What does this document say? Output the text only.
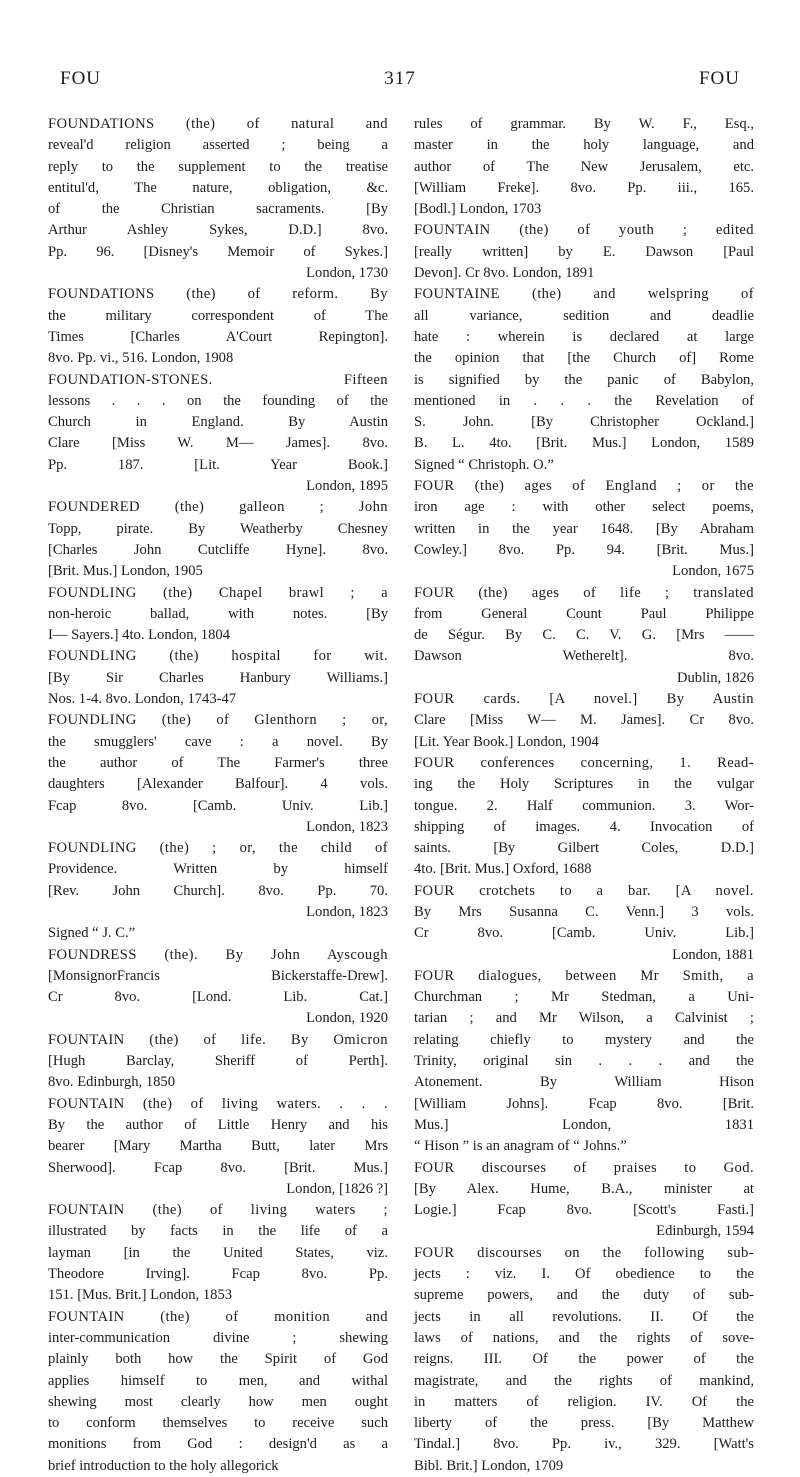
FOU	317	FOU

FOUNDATIONS (the) of natural and
reveal'd religion asserted ; being a
reply to the supplement to the treatise
entitul'd, The nature, obligation, &c.
of the Christian sacraments. [By
Arthur Ashley Sykes, D.D.] 8vo.
Pp. 96. [Disney's Memoir of Sykes.]
London, 1730

FOUNDATIONS (the) of reform. By
the military correspondent of The
Times [Charles A'Court Repington].
8vo. Pp. vi., 516. London, 1908

FOUNDATION-STONES. Fifteen
lessons . . . on the founding of the
Church in England. By Austin
Clare [Miss W. M— James]. 8vo.
Pp. 187. [Lit. Year Book.]
London, 1895

FOUNDERED (the) galleon ; John
Topp, pirate. By Weatherby Chesney
[Charles John Cutcliffe Hyne]. 8vo.
[Brit. Mus.] London, 1905

FOUNDLING (the) Chapel brawl ; a
non-heroic ballad, with notes. [By
I— Sayers.] 4to. London, 1804

FOUNDLING (the) hospital for wit.
[By Sir Charles Hanbury Williams.]
Nos. 1-4. 8vo. London, 1743-47

FOUNDLING (the) of Glenthorn ; or,
the smugglers' cave : a novel. By
the author of The Farmer's three
daughters [Alexander Balfour]. 4 vols.
Fcap 8vo. [Camb. Univ. Lib.]
London, 1823

FOUNDLING (the) ; or, the child of
Providence. Written by himself
[Rev. John Church]. 8vo. Pp. 70.
London, 1823
Signed “ J. C.”

FOUNDRESS (the). By John Ayscough
[MonsignorFrancis Bickerstaffe-Drew].
Cr 8vo. [Lond. Lib. Cat.]
London, 1920

FOUNTAIN (the) of life. By Omicron
[Hugh Barclay, Sheriff of Perth].
8vo. Edinburgh, 1850

FOUNTAIN (the) of living waters. . . .
By the author of Little Henry and his
bearer [Mary Martha Butt, later Mrs
Sherwood]. Fcap 8vo. [Brit. Mus.]
London, [1826 ?]

FOUNTAIN (the) of living waters ;
illustrated by facts in the life of a
layman [in the United States, viz.
Theodore Irving]. Fcap 8vo. Pp.
151. [Mus. Brit.] London, 1853

FOUNTAIN (the) of monition and
inter-communication divine ; shewing
plainly both how the Spirit of God
applies himself to men, and withal
shewing most clearly how men ought
to conform themselves to receive such
monitions from God : design'd as a
brief introduction to the holy allegorick

rules of grammar. By W. F., Esq.,
master in the holy language, and
author of The New Jerusalem, etc.
[William Freke]. 8vo. Pp. iii., 165.
[Bodl.] London, 1703

FOUNTAIN (the) of youth ; edited
[really written] by E. Dawson [Paul
Devon]. Cr 8vo. London, 1891

FOUNTAINE (the) and welspring of
all variance, sedition and deadlie
hate : wherein is declared at large
the opinion that [the Church of] Rome
is signified by the panic of Babylon,
mentioned in . . . the Revelation of
S. John. [By Christopher Ockland.]
B. L. 4to. [Brit. Mus.] London, 1589
Signed “ Christoph. O.”

FOUR (the) ages of England ; or the
iron age : with other select poems,
written in the year 1648. [By Abraham
Cowley.] 8vo. Pp. 94. [Brit. Mus.]
London, 1675

FOUR (the) ages of life ; translated
from General Count Paul Philippe
de Ségur. By C. C. V. G. [Mrs ——
Dawson Wetherelt]. 8vo.
Dublin, 1826

FOUR cards. [A novel.] By Austin
Clare [Miss W— M. James]. Cr 8vo.
[Lit. Year Book.] London, 1904

FOUR conferences concerning, 1. Read-
ing the Holy Scriptures in the vulgar
tongue. 2. Half communion. 3. Wor-
shipping of images. 4. Invocation of
saints. [By Gilbert Coles, D.D.]
4to. [Brit. Mus.] Oxford, 1688

FOUR crotchets to a bar. [A novel.
By Mrs Susanna C. Venn.] 3 vols.
Cr 8vo. [Camb. Univ. Lib.]
London, 1881

FOUR dialogues, between Mr Smith, a
Churchman ; Mr Stedman, a Uni-
tarian ; and Mr Wilson, a Calvinist ;
relating chiefly to mystery and the
Trinity, original sin . . . and the
Atonement. By William Hison
[William Johns]. Fcap 8vo. [Brit.
Mus.] London, 1831
“ Hison ” is an anagram of “ Johns.”

FOUR discourses of praises to God.
[By Alex. Hume, B.A., minister at
Logie.] Fcap 8vo. [Scott's Fasti.]
Edinburgh, 1594

FOUR discourses on the following sub-
jects : viz. I. Of obedience to the
supreme powers, and the duty of sub-
jects in all revolutions. II. Of the
laws of nations, and the rights of sove-
reigns. III. Of the power of the
magistrate, and the rights of mankind,
in matters of religion. IV. Of the
liberty of the press. [By Matthew
Tindal.] 8vo. Pp. iv., 329. [Watt's
Bibl. Brit.] London, 1709
